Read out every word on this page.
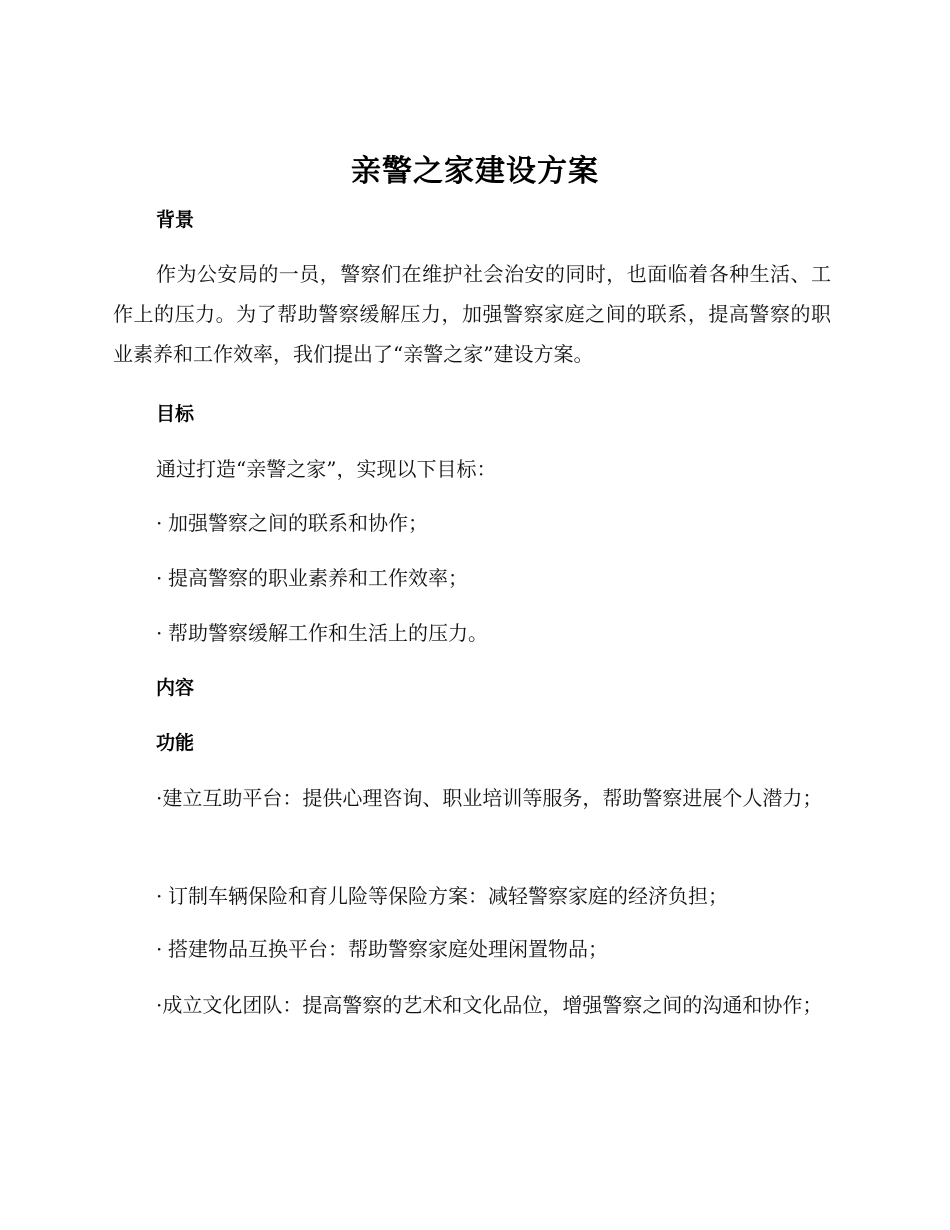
亲警之家建设方案
背景
作为公安局的一员，警察们在维护社会治安的同时，也面临着各种生活、工作上的压力。为了帮助警察缓解压力，加强警察家庭之间的联系，提高警察的职业素养和工作效率，我们提出了“亲警之家”建设方案。
目标
通过打造“亲警之家”，实现以下目标：
· 加强警察之间的联系和协作；
· 提高警察的职业素养和工作效率；
· 帮助警察缓解工作和生活上的压力。
内容
功能
·建立互助平台：提供心理咨询、职业培训等服务，帮助警察进展个人潜力；
· 订制车辆保险和育儿险等保险方案：减轻警察家庭的经济负担；
· 搭建物品互换平台：帮助警察家庭处理闲置物品；
·成立文化团队：提高警察的艺术和文化品位，增强警察之间的沟通和协作；
